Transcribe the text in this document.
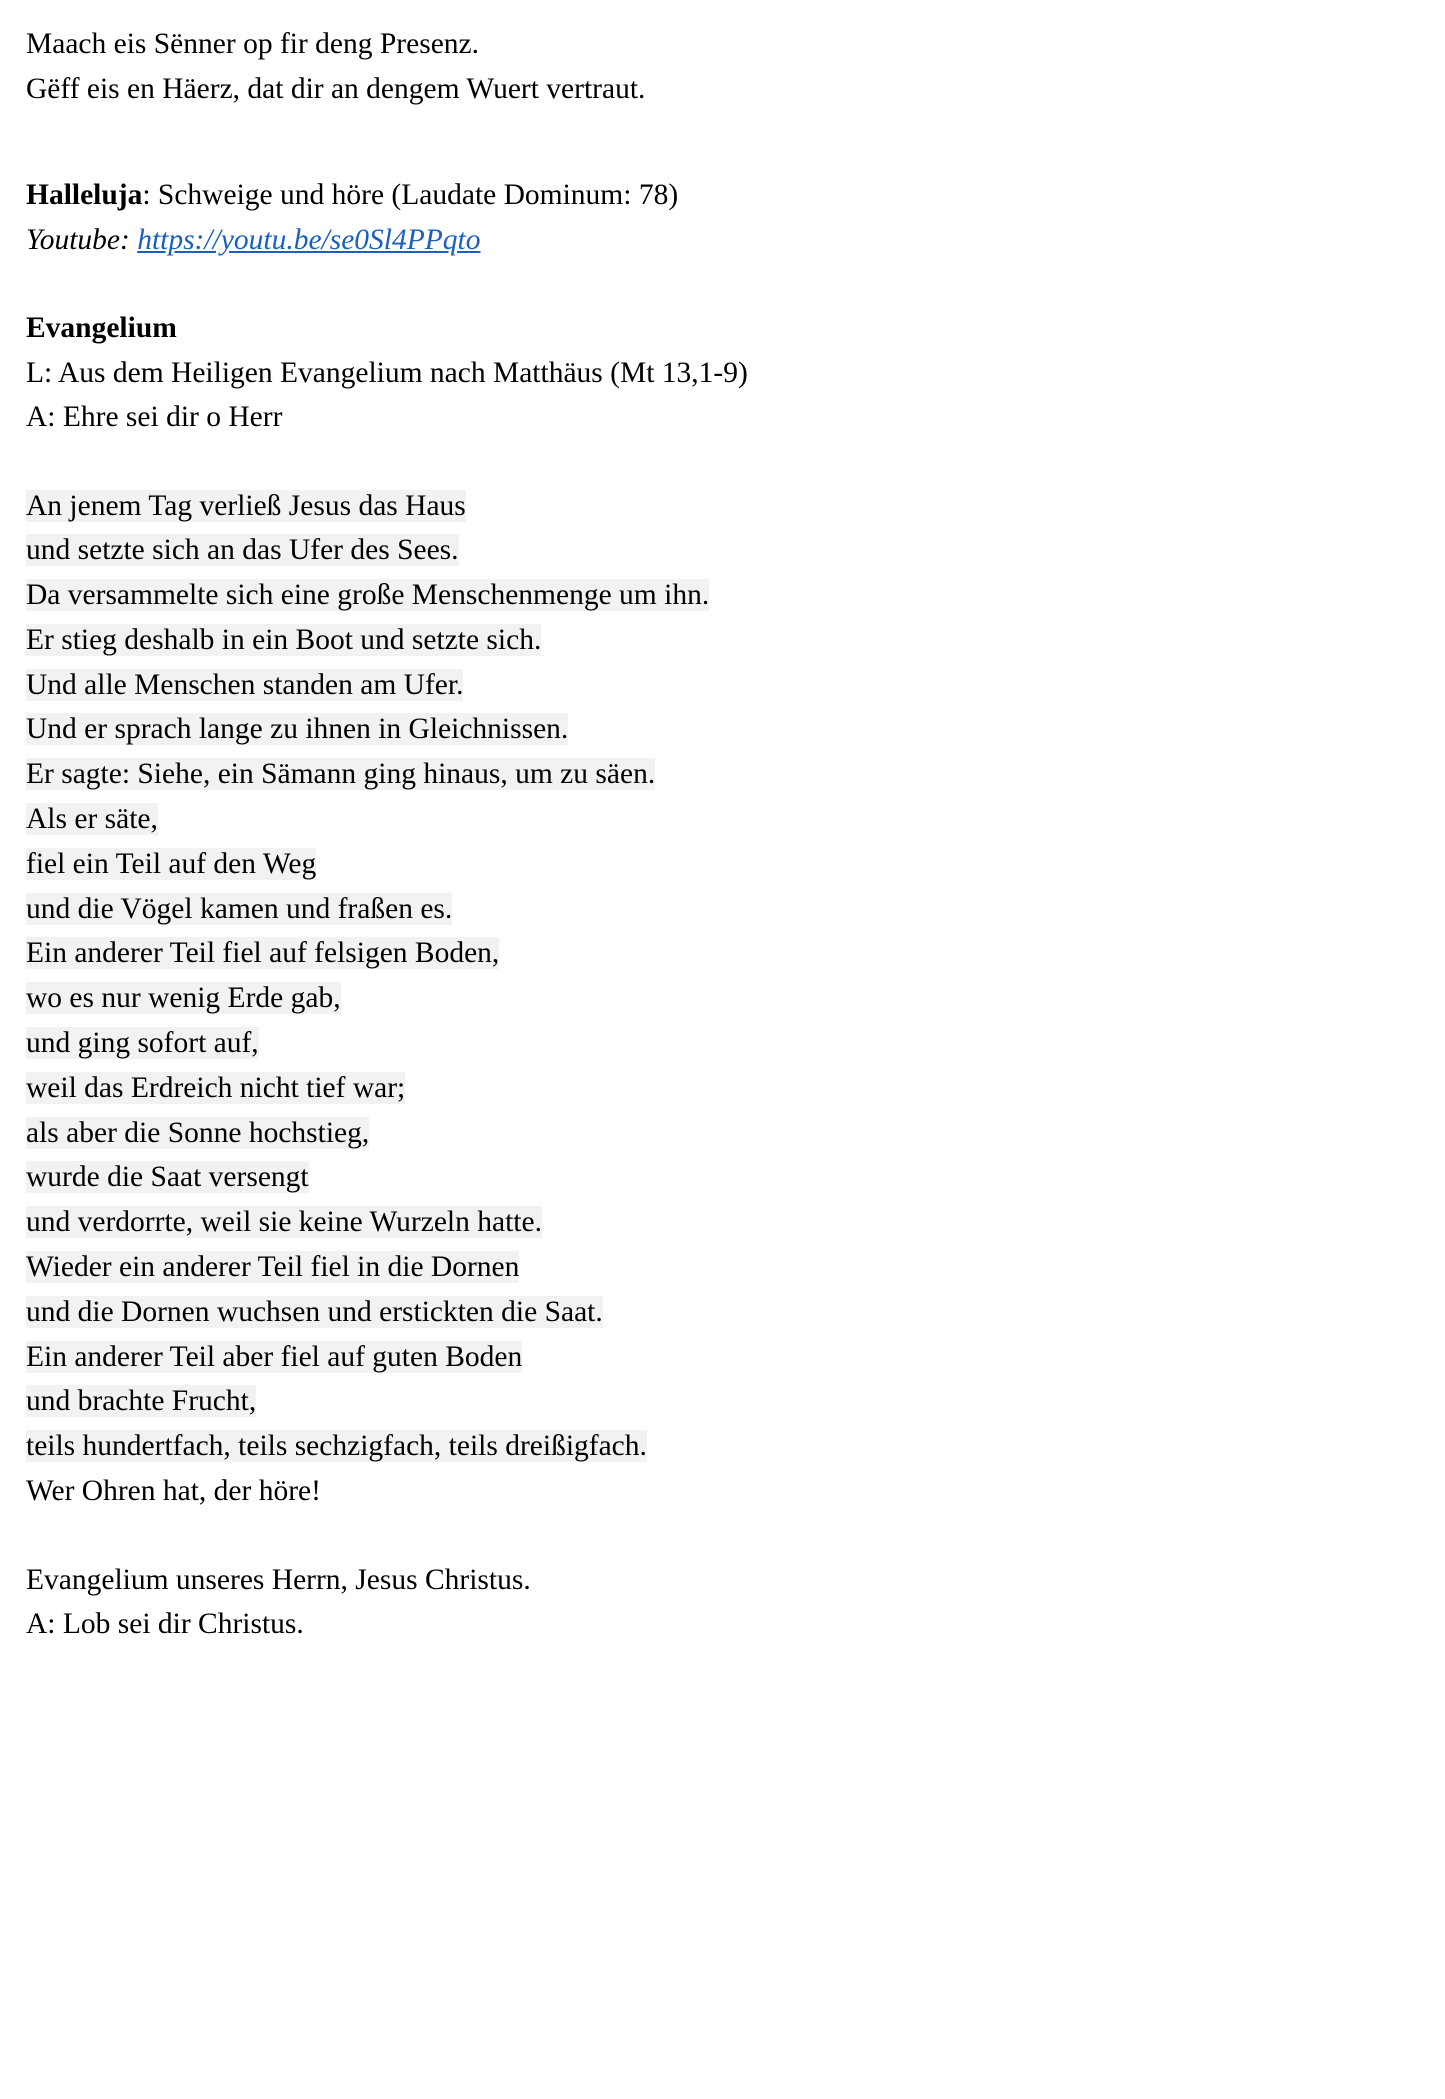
Maach eis Sënner op fir deng Presenz.
Gëff eis en Häerz, dat dir an dengem Wuert vertraut.
Halleluja: Schweige und höre (Laudate Dominum: 78)
Youtube: https://youtu.be/se0Sl4PPqto
Evangelium
L: Aus dem Heiligen Evangelium nach Matthäus (Mt 13,1-9)
A: Ehre sei dir o Herr
An jenem Tag verließ Jesus das Haus
und setzte sich an das Ufer des Sees.
Da versammelte sich eine große Menschenmenge um ihn.
Er stieg deshalb in ein Boot und setzte sich.
Und alle Menschen standen am Ufer.
Und er sprach lange zu ihnen in Gleichnissen.
Er sagte: Siehe, ein Sämann ging hinaus, um zu säen.
Als er säte,
fiel ein Teil auf den Weg
und die Vögel kamen und fraßen es.
Ein anderer Teil fiel auf felsigen Boden,
wo es nur wenig Erde gab,
und ging sofort auf,
weil das Erdreich nicht tief war;
als aber die Sonne hochstieg,
wurde die Saat versengt
und verdorrte, weil sie keine Wurzeln hatte.
Wieder ein anderer Teil fiel in die Dornen
und die Dornen wuchsen und erstickten die Saat.
Ein anderer Teil aber fiel auf guten Boden
und brachte Frucht,
teils hundertfach, teils sechzigfach, teils dreißigfach.
Wer Ohren hat, der höre!
Evangelium unseres Herrn, Jesus Christus.
A: Lob sei dir Christus.
